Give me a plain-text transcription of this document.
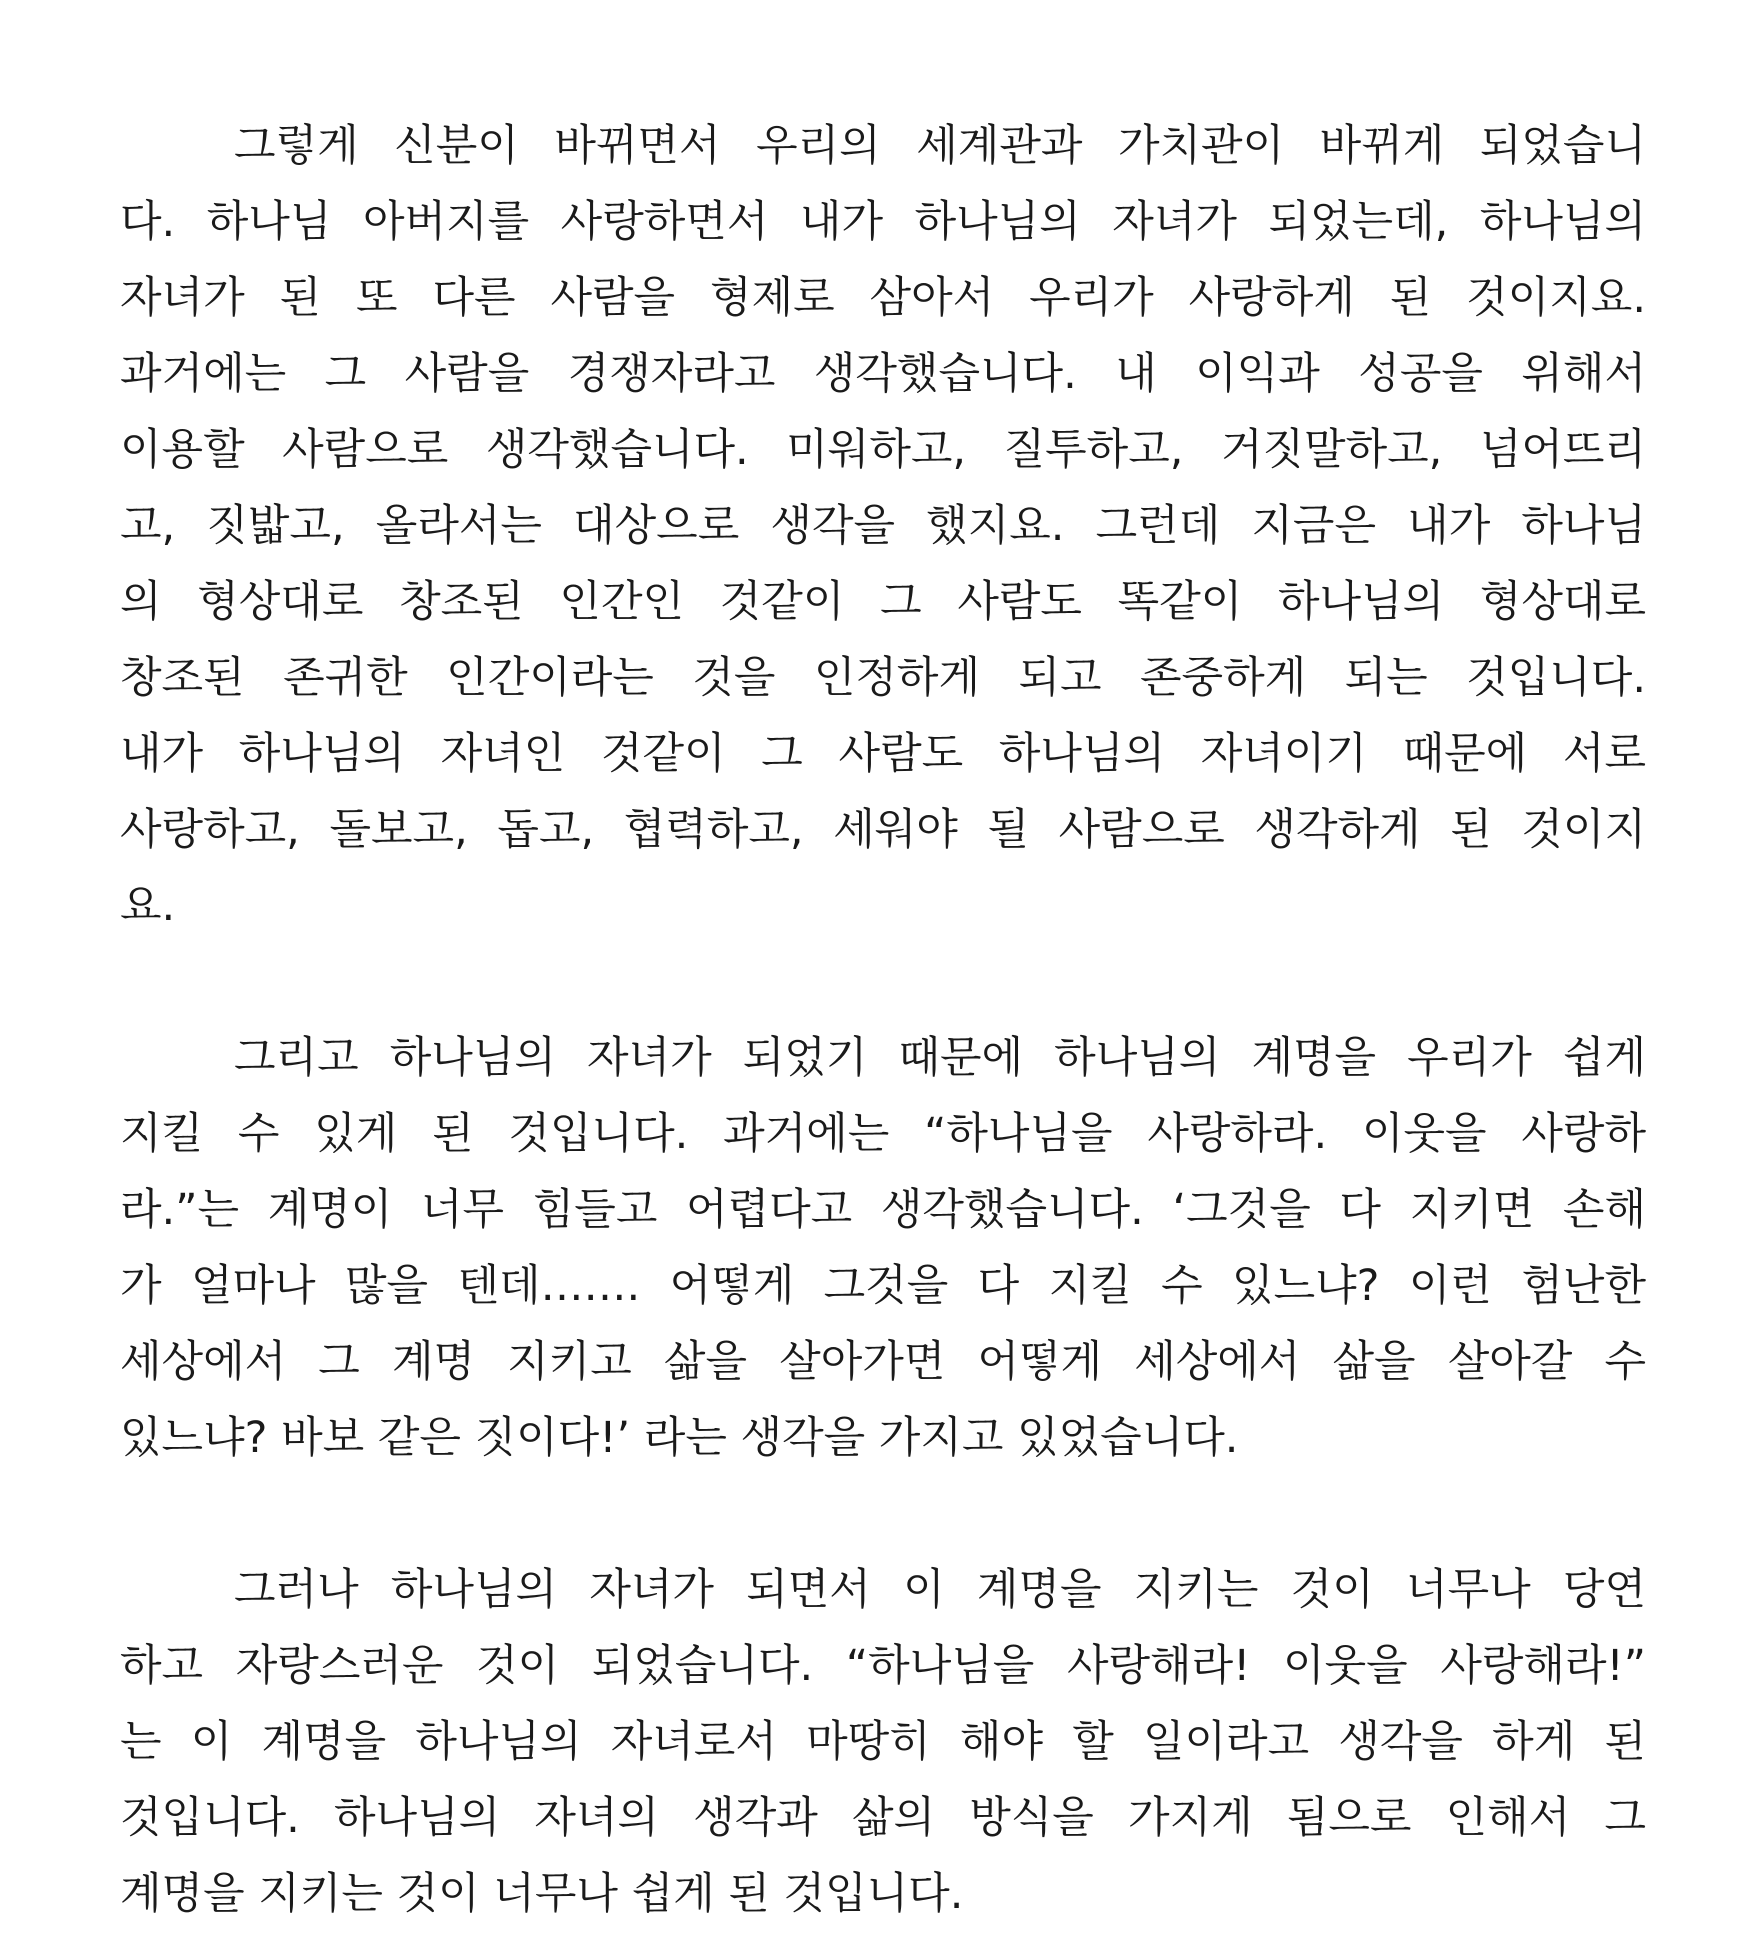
그렇게 신분이 바뀌면서 우리의 세계관과 가치관이 바뀌게 되었습니
다. 하나님 아버지를 사랑하면서 내가 하나님의 자녀가 되었는데, 하나님의
자녀가 된 또 다른 사람을 형제로 삼아서 우리가 사랑하게 된 것이지요.
과거에는 그 사람을 경쟁자라고 생각했습니다. 내 이익과 성공을 위해서
이용할 사람으로 생각했습니다. 미워하고, 질투하고, 거짓말하고, 넘어뜨리
고, 짓밟고, 올라서는 대상으로 생각을 했지요. 그런데 지금은 내가 하나님
의 형상대로 창조된 인간인 것같이 그 사람도 똑같이 하나님의 형상대로
창조된 존귀한 인간이라는 것을 인정하게 되고 존중하게 되는 것입니다.
내가 하나님의 자녀인 것같이 그 사람도 하나님의 자녀이기 때문에 서로
사랑하고, 돌보고, 돕고, 협력하고, 세워야 될 사람으로 생각하게 된 것이지
요.
그리고 하나님의 자녀가 되었기 때문에 하나님의 계명을 우리가 쉽게
지킬 수 있게 된 것입니다. 과거에는 “하나님을 사랑하라. 이웃을 사랑하
라.”는 계명이 너무 힘들고 어렵다고 생각했습니다. ‘그것을 다 지키면 손해
가 얼마나 많을 텐데……. 어떻게 그것을 다 지킬 수 있느냐? 이런 험난한
세상에서 그 계명 지키고 삶을 살아가면 어떻게 세상에서 삶을 살아갈 수
있느냐? 바보 같은 짓이다!’ 라는 생각을 가지고 있었습니다.
그러나 하나님의 자녀가 되면서 이 계명을 지키는 것이 너무나 당연
하고 자랑스러운 것이 되었습니다. “하나님을 사랑해라! 이웃을 사랑해라!”
는 이 계명을 하나님의 자녀로서 마땅히 해야 할 일이라고 생각을 하게 된
것입니다. 하나님의 자녀의 생각과 삶의 방식을 가지게 됨으로 인해서 그
계명을 지키는 것이 너무나 쉽게 된 것입니다.
